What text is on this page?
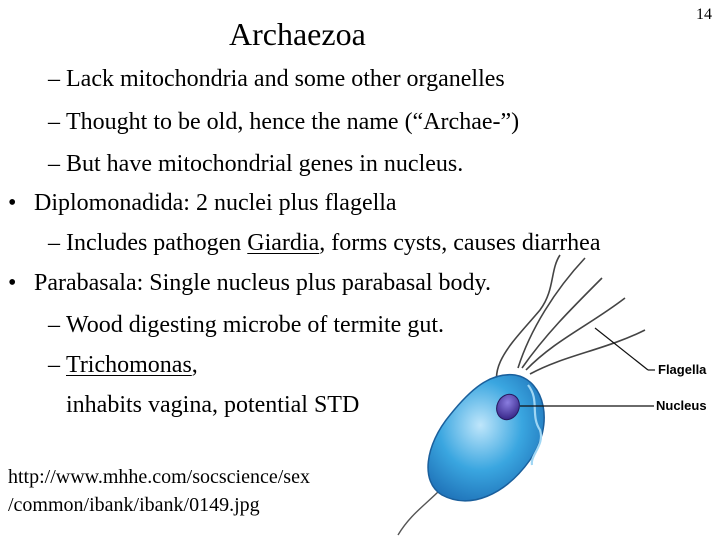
Archaezoa
14
– Lack mitochondria and some other organelles
– Thought to be old, hence the name (“Archae-”)
– But have mitochondrial genes in nucleus.
• Diplomonadida: 2 nuclei plus flagella
– Includes pathogen Giardia, forms cysts, causes diarrhea
• Parabasala: Single nucleus plus parabasal body.
– Wood digesting microbe of termite gut.
– Trichomonas,
inhabits vagina, potential STD
http://www.mhhe.com/socscience/sex
/common/ibank/ibank/0149.jpg
Flagella
Nucleus
